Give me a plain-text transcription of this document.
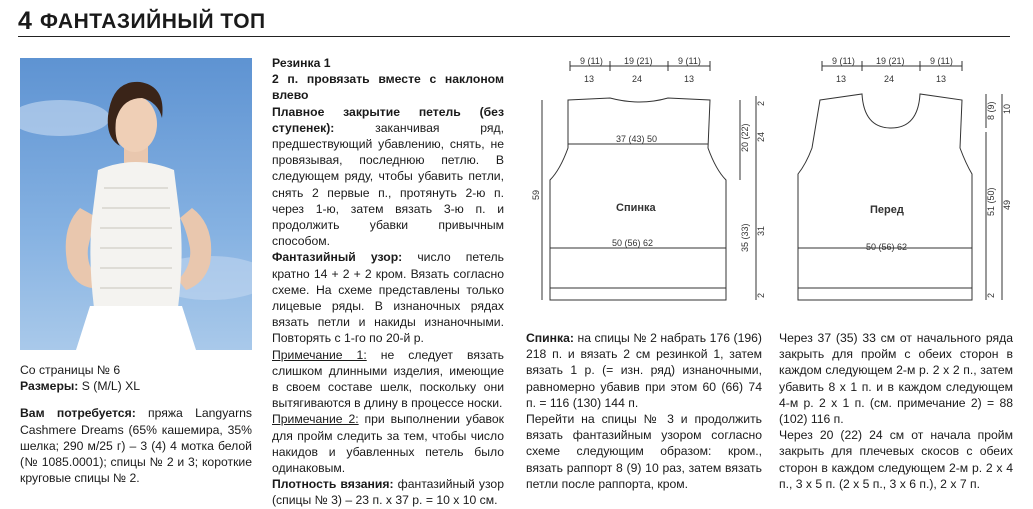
4 ФАНТАЗИЙНЫЙ ТОП

Со страницы № 6

Размеры: S (M/L) XL

Вам потребуется: пряжа Langyarns Cashmere Dreams (65% кашемира, 35% шелка; 290 м/25 г) – 3 (4) 4 мотка белой (№ 1085.0001); спицы № 2 и 3; короткие круговые спицы № 2.

Резинка 1

2 п. провязать вместе с наклоном влево

Плавное закрытие петель (без ступенек): заканчивая ряд, предшествующий убавлению, снять, не провязывая, последнюю петлю. В следующем ряду, чтобы убавить петли, снять 2 первые п., протянуть 2-ю п. через 1-ю, затем вязать 3-ю п. и продолжить убавки привычным способом.

Фантазийный узор: число петель кратно 14 + 2 + 2 кром. Вязать согласно схеме. На схеме представлены только лицевые ряды. В изнаночных рядах вязать петли и накиды изнаночными. Повторять с 1-го по 20-й р.

Примечание 1: не следует вязать слишком длинными изделия, имеющие в своем составе шелк, поскольку они вытягиваются в длину в процессе носки.

Примечание 2: при выполнении убавок для пройм следить за тем, чтобы число накидов и убавленных петель было одинаковым.

Плотность вязания: фантазийный узор (спицы № 3) – 23 п. х 37 р. = 10 х 10 см.

9 (11) 19 (21)	9 (11)
13	24	13
37 (43) 50
Спинка
50 (56) 62
59
2
20 (22) 24
35 (33) 31
2
9 (11) 19 (21)	9 (11)
13	24	13
Перед
50 (56) 62
8 (9) 10
51 (50) 49
2

Спинка: на спицы № 2 набрать 176 (196) 218 п. и вязать 2 см резинкой 1, затем вязать 1 р. (= изн. ряд) изнаночными, равномерно убавив при этом 60 (66) 74 п. = 116 (130) 144 п.

Перейти на спицы № 3 и продолжить вязать фантазийным узором согласно схеме следующим образом: кром., вязать раппорт 8 (9) 10 раз, затем вязать петли после раппорта, кром.

Через 37 (35) 33 см от начального ряда закрыть для пройм с обеих сторон в каждом следующем 2-м р. 2 х 2 п., затем убавить 8 х 1 п. и в каждом следующем 4-м р. 2 х 1 п. (см. примечание 2) = 88 (102) 116 п.

Через 20 (22) 24 см от начала пройм закрыть для плечевых скосов с обеих сторон в каждом следующем 2-м р. 2 х 4 п., 3 х 5 п. (2 х 5 п., 3 х 6 п.), 2 х 7 п.
